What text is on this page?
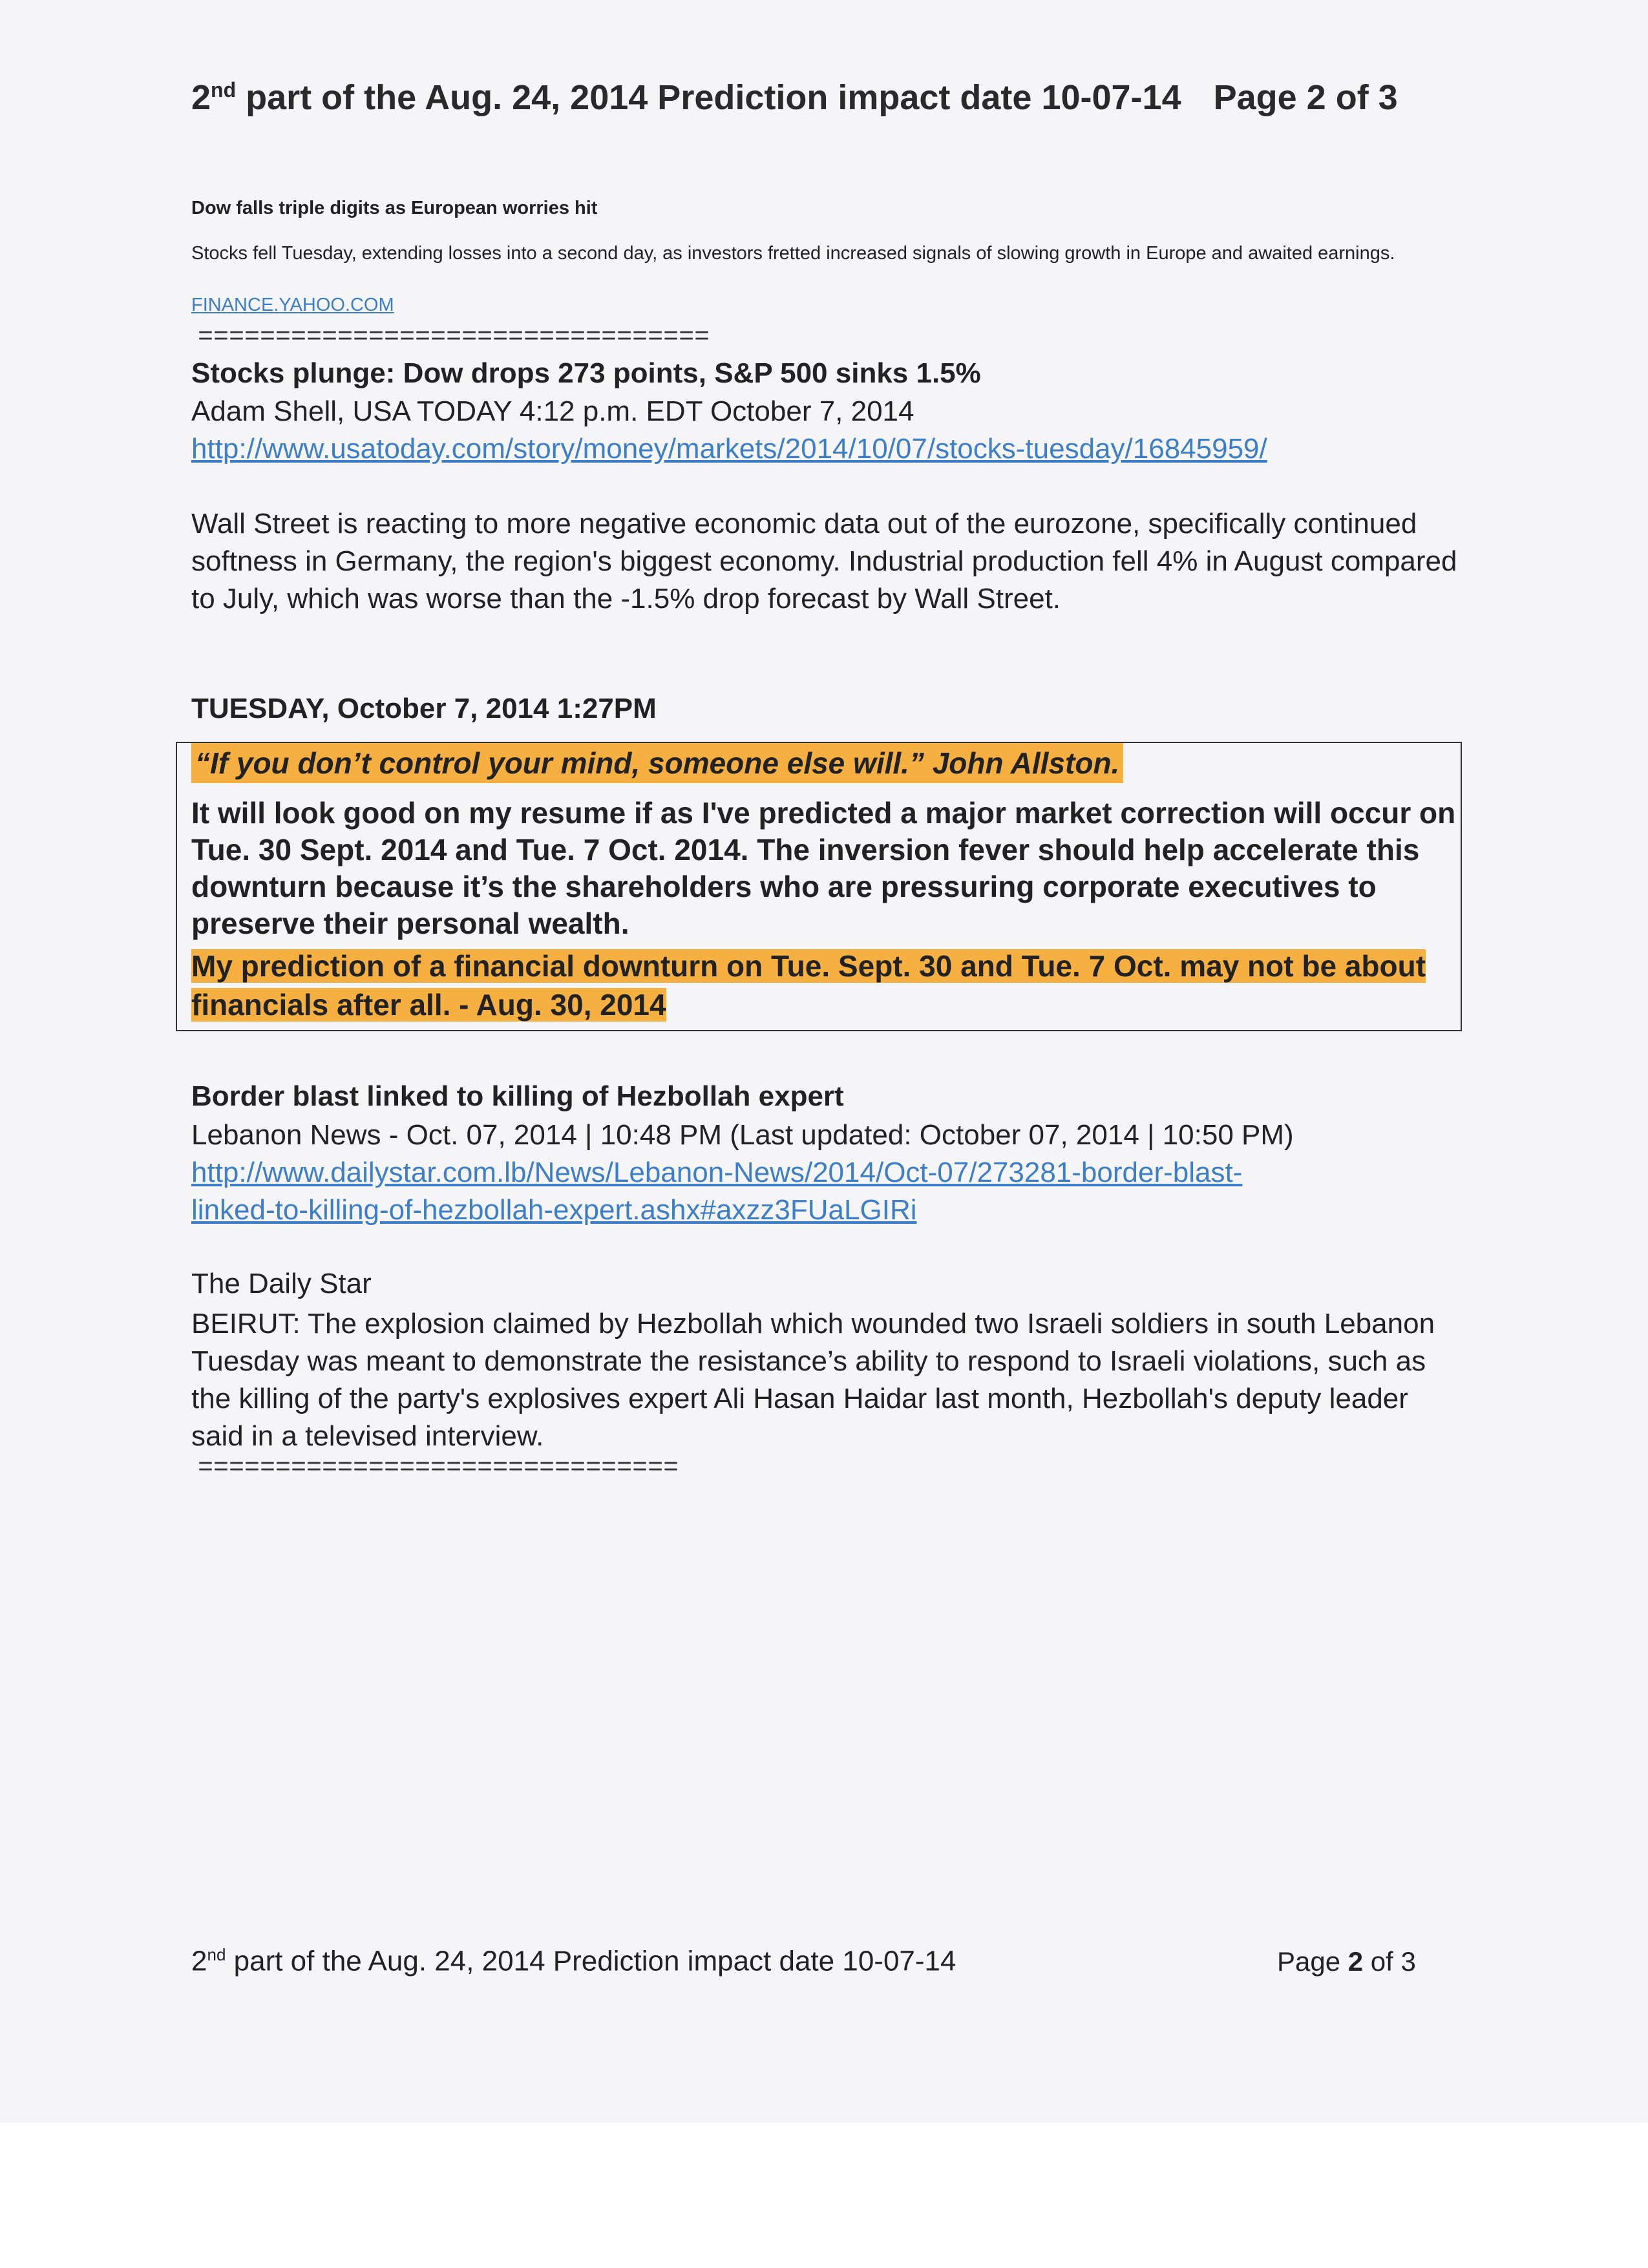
2nd part of the Aug. 24, 2014 Prediction impact date 10-07-14 Page 2 of 3
Dow falls triple digits as European worries hit
Stocks fell Tuesday, extending losses into a second day, as investors fretted increased signals of slowing growth in Europe and awaited earnings.
FINANCE.YAHOO.COM
=================================
Stocks plunge: Dow drops 273 points, S&P 500 sinks 1.5%
Adam Shell, USA TODAY 4:12 p.m. EDT October 7, 2014
http://www.usatoday.com/story/money/markets/2014/10/07/stocks-tuesday/16845959/
Wall Street is reacting to more negative economic data out of the eurozone, specifically continued softness in Germany, the region's biggest economy. Industrial production fell 4% in August compared to July, which was worse than the -1.5% drop forecast by Wall Street.
TUESDAY, October 7, 2014 1:27PM
“If you don’t control your mind, someone else will.” John Allston.
It will look good on my resume if as I've predicted a major market correction will occur on Tue. 30 Sept. 2014 and Tue. 7 Oct. 2014. The inversion fever should help accelerate this downturn because it’s the shareholders who are pressuring corporate executives to preserve their personal wealth.
My prediction of a financial downturn on Tue. Sept. 30 and Tue. 7 Oct. may not be about financials after all. - Aug. 30, 2014
Border blast linked to killing of Hezbollah expert
Lebanon News - Oct. 07, 2014 | 10:48 PM (Last updated: October 07, 2014 | 10:50 PM)
http://www.dailystar.com.lb/News/Lebanon-News/2014/Oct-07/273281-border-blast-
linked-to-killing-of-hezbollah-expert.ashx#axzz3FUaLGIRi
The Daily Star
BEIRUT: The explosion claimed by Hezbollah which wounded two Israeli soldiers in south Lebanon Tuesday was meant to demonstrate the resistance’s ability to respond to Israeli violations, such as the killing of the party's explosives expert Ali Hasan Haidar last month, Hezbollah's deputy leader said in a televised interview.
===============================
2nd part of the Aug. 24, 2014 Prediction impact date 10-07-14	Page 2 of 3
